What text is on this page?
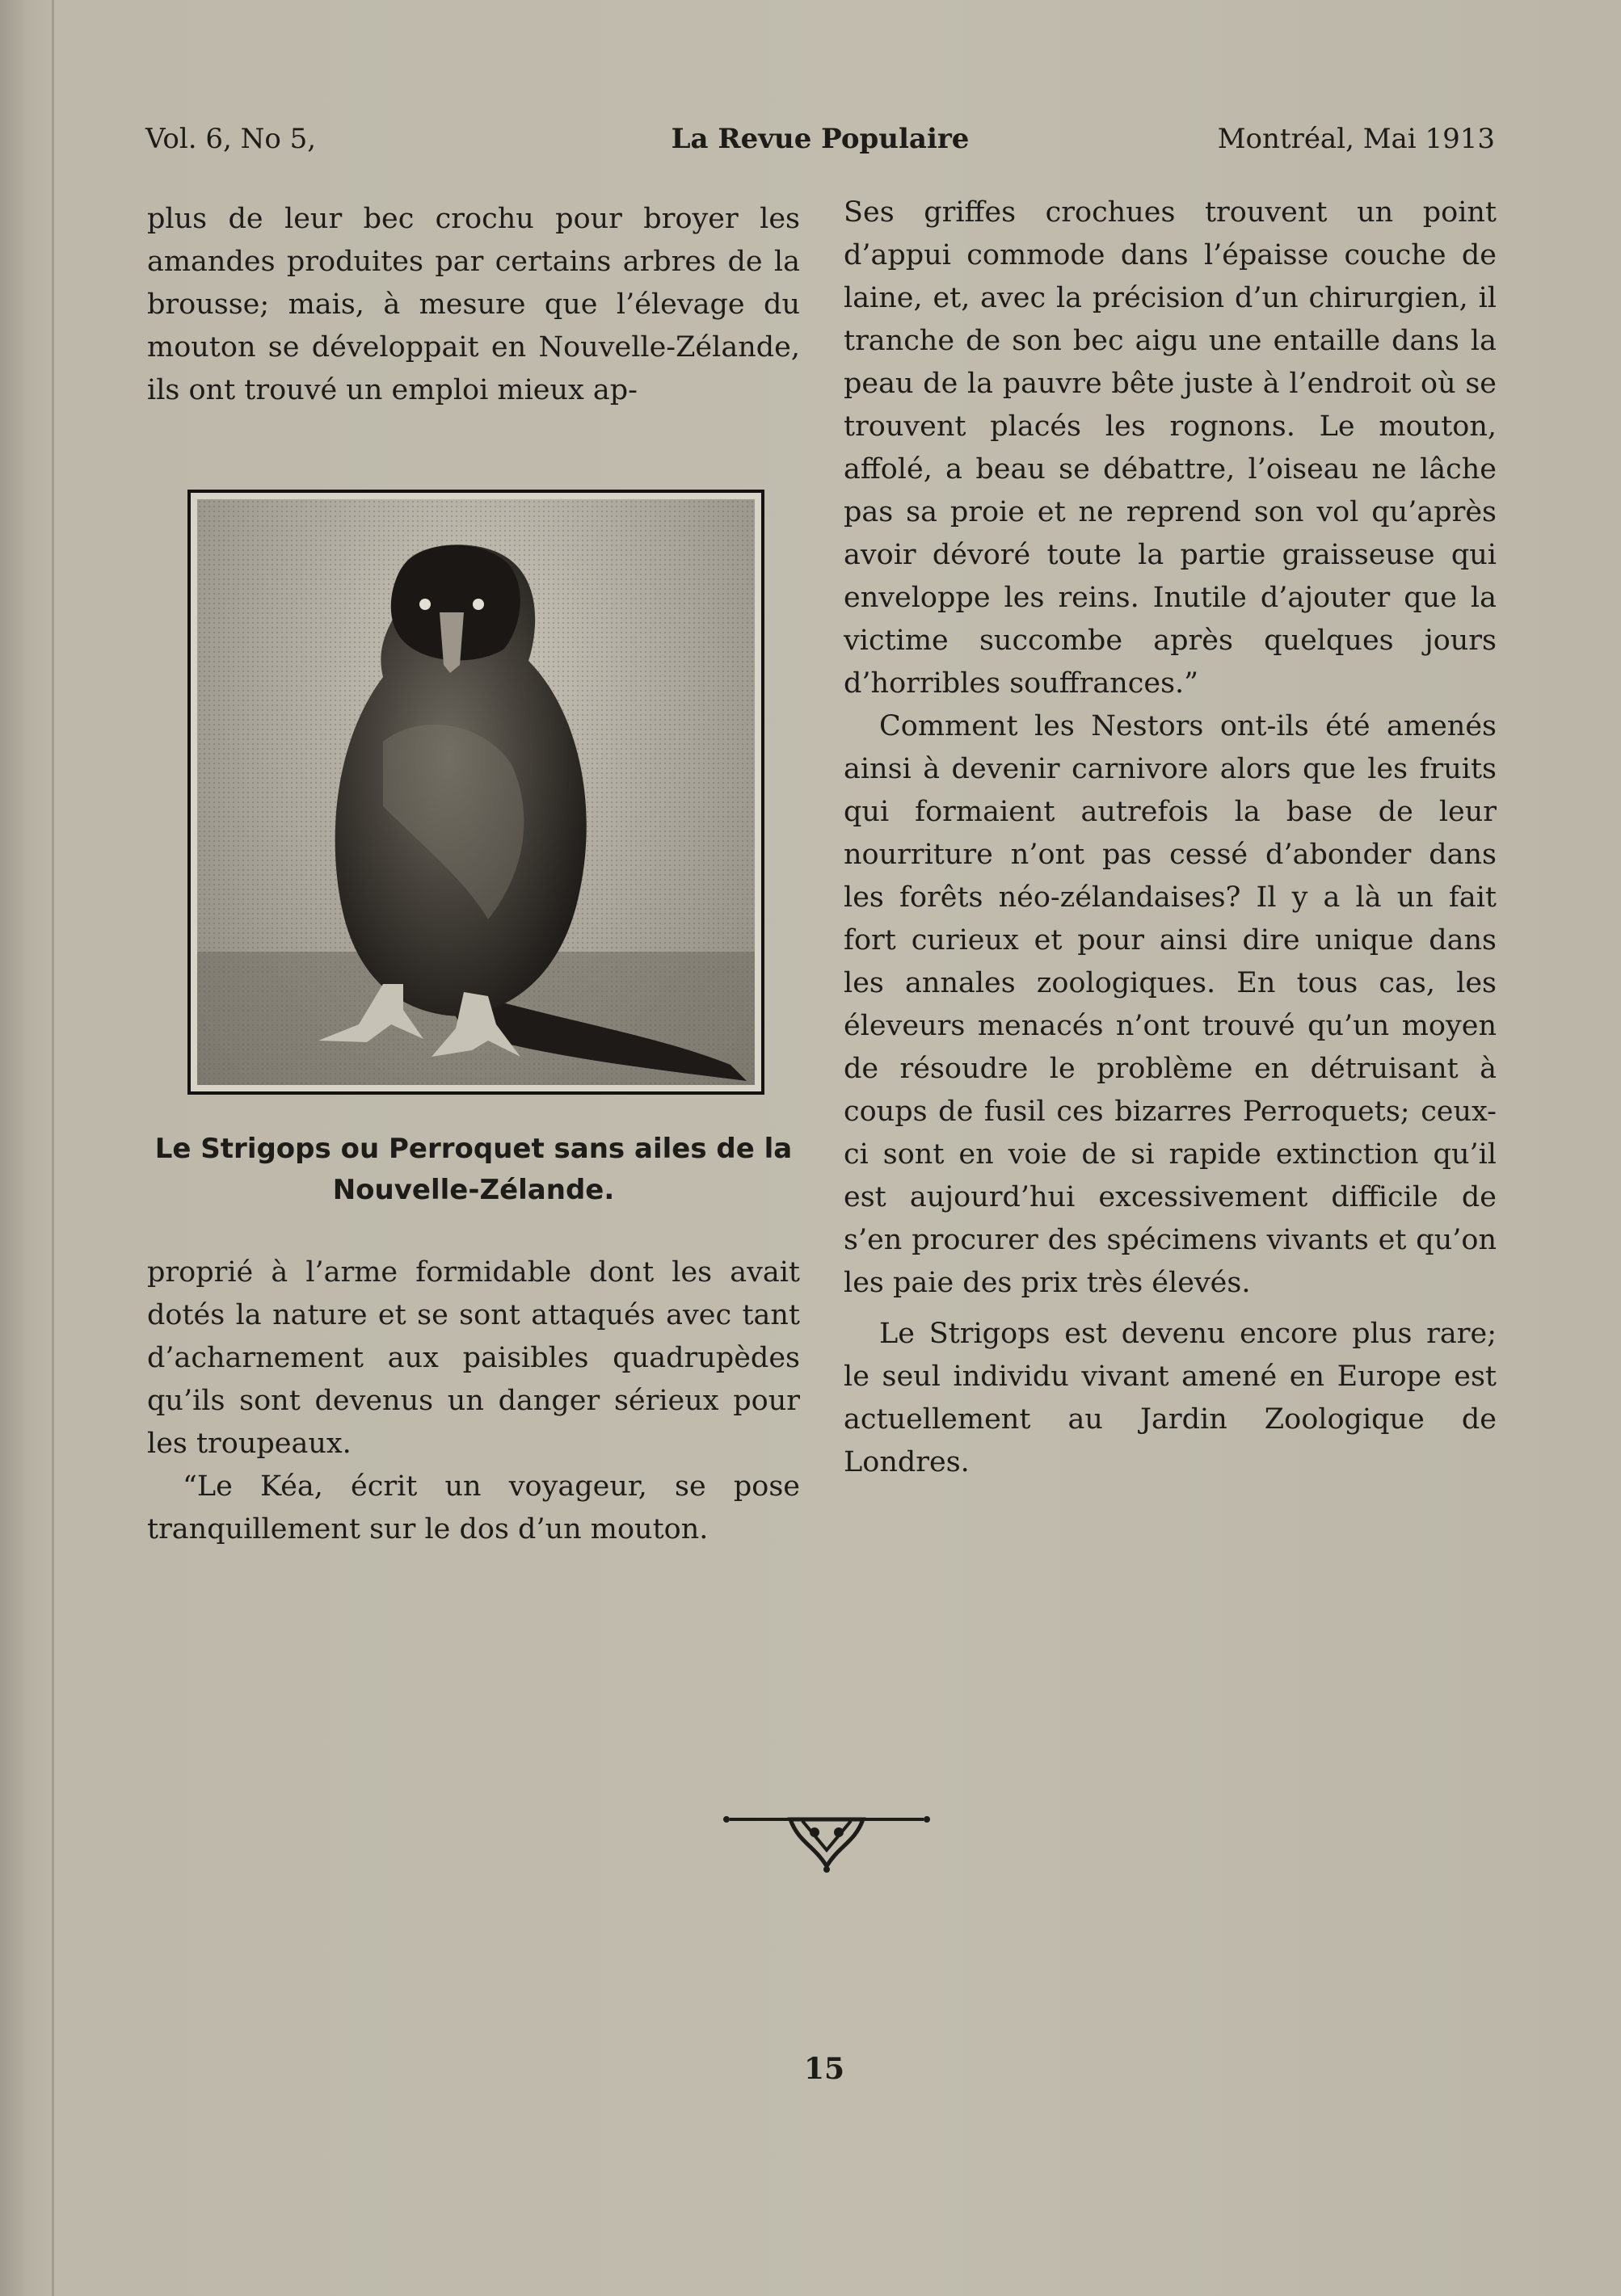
Vol. 6, No 5,	La Revue Populaire	Montréal, Mai 1913

plus de leur bec crochu pour broyer les amandes produites par certains arbres de la brousse; mais, à mesure que l’élevage du mouton se développait en Nouvelle-Zélande, ils ont trouvé un emploi mieux ap-

Le Strigops ou Perroquet sans ailes de la
Nouvelle-Zélande.

proprié à l’arme formidable dont les avait dotés la nature et se sont attaqués avec tant d’acharnement aux paisibles quadrupèdes qu’ils sont devenus un danger sérieux pour les troupeaux.

“Le Kéa, écrit un voyageur, se pose tranquillement sur le dos d’un mouton.

Ses griffes crochues trouvent un point d’appui commode dans l’épaisse couche de laine, et, avec la précision d’un chirurgien, il tranche de son bec aigu une entaille dans la peau de la pauvre bête juste à l’endroit où se trouvent placés les rognons. Le mouton, affolé, a beau se débattre, l’oiseau ne lâche pas sa proie et ne reprend son vol qu’après avoir dévoré toute la partie graisseuse qui enveloppe les reins. Inutile d’ajouter que la victime succombe après quelques jours d’horribles souffrances.”

Comment les Nestors ont-ils été amenés ainsi à devenir carnivore alors que les fruits qui formaient autrefois la base de leur nourriture n’ont pas cessé d’abonder dans les forêts néo-zélandaises? Il y a là un fait fort curieux et pour ainsi dire unique dans les annales zoologiques. En tous cas, les éleveurs menacés n’ont trouvé qu’un moyen de résoudre le problème en détruisant à coups de fusil ces bizarres Perroquets; ceux-ci sont en voie de si rapide extinction qu’il est aujourd’hui excessivement difficile de s’en procurer des spécimens vivants et qu’on les paie des prix très élevés.

Le Strigops est devenu encore plus rare; le seul individu vivant amené en Europe est actuellement au Jardin Zoologique de Londres.

15
